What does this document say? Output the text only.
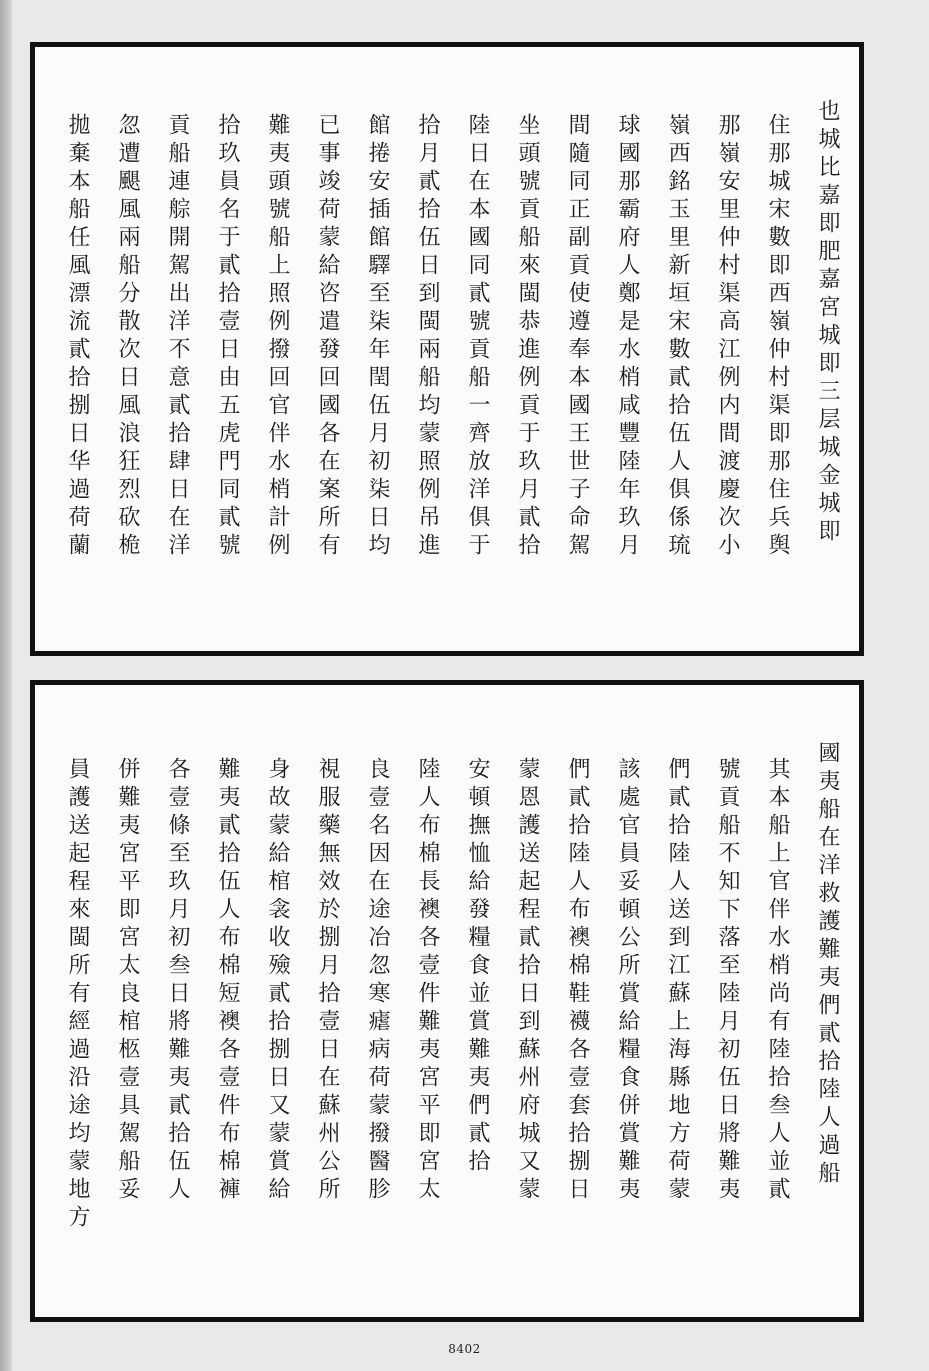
也城比嘉即肥嘉宮城即三层城金城即
住那城宋數即西嶺仲村渠即那住兵舆
那嶺安里仲村渠高江例内間渡慶次小
嶺西銘玉里新垣宋數貳拾伍人俱係琉
球國那霸府人鄭是水梢咸豐陸年玖月
間隨同正副貢使遵奉本國王世子命駕
坐頭號貢船來閩恭進例貢于玖月貳拾
陸日在本國同貳號貢船一齊放洋俱于
拾月貳拾伍日到閩兩船均蒙照例吊進
館捲安插館驛至柒年閏伍月初柒日均
已事竣荷蒙給咨遣發回國各在案所有
難夷頭號船上照例撥回官伴水梢計例
拾玖員名于貳拾壹日由五虎門同貳號
貢船連䑸開駕出洋不意貳拾肆日在洋
忽遭颶風兩船分散次日風浪狂烈砍桅
拋棄本船任風漂流貳拾捌日华過荷蘭
國夷船在洋救護難夷們貳拾陸人過船
其本船上官伴水梢尚有陸拾叁人並貳
號貢船不知下落至陸月初伍日將難夷
們貳拾陸人送到江蘇上海縣地方荷蒙
該處官員妥頓公所賞給糧食併賞難夷
們貳拾陸人布襖棉鞋襪各壹套拾捌日
蒙恩護送起程貳拾日到蘇州府城又蒙
安頓撫恤給發糧食並賞難夷們貳拾
陸人布棉長襖各壹件難夷宮平即宮太
良壹名因在途冶忽寒瘧病荷蒙撥醫胗
視服藥無效於捌月拾壹日在蘇州公所
身故蒙給棺衾收殮貳拾捌日又蒙賞給
難夷貳拾伍人布棉短襖各壹件布棉褲
各壹條至玖月初叁日將難夷貳拾伍人
併難夷宮平即宮太良棺柩壹具駕船妥
員護送起程來閩所有經過沿途均蒙地方
8402
